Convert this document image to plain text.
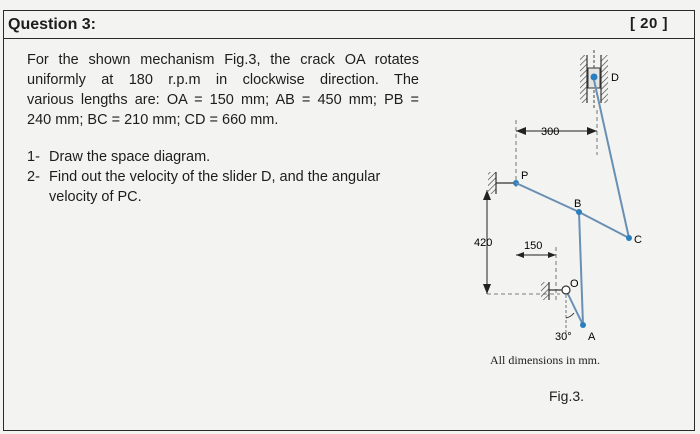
Question 3:	[ 20 ]
For the shown mechanism Fig.3, the crack OA rotates
uniformly at 180 r.p.m in clockwise direction. The
various lengths are: OA = 150 mm; AB = 450 mm; PB =
240 mm; BC = 210 mm; CD = 660 mm.
1- Draw the space diagram.
2- Find out the velocity of the slider D, and the angular
velocity of PC.
D
P
B
C
O
A
300
420	150
30°
All dimensions in mm.
Fig.3.
